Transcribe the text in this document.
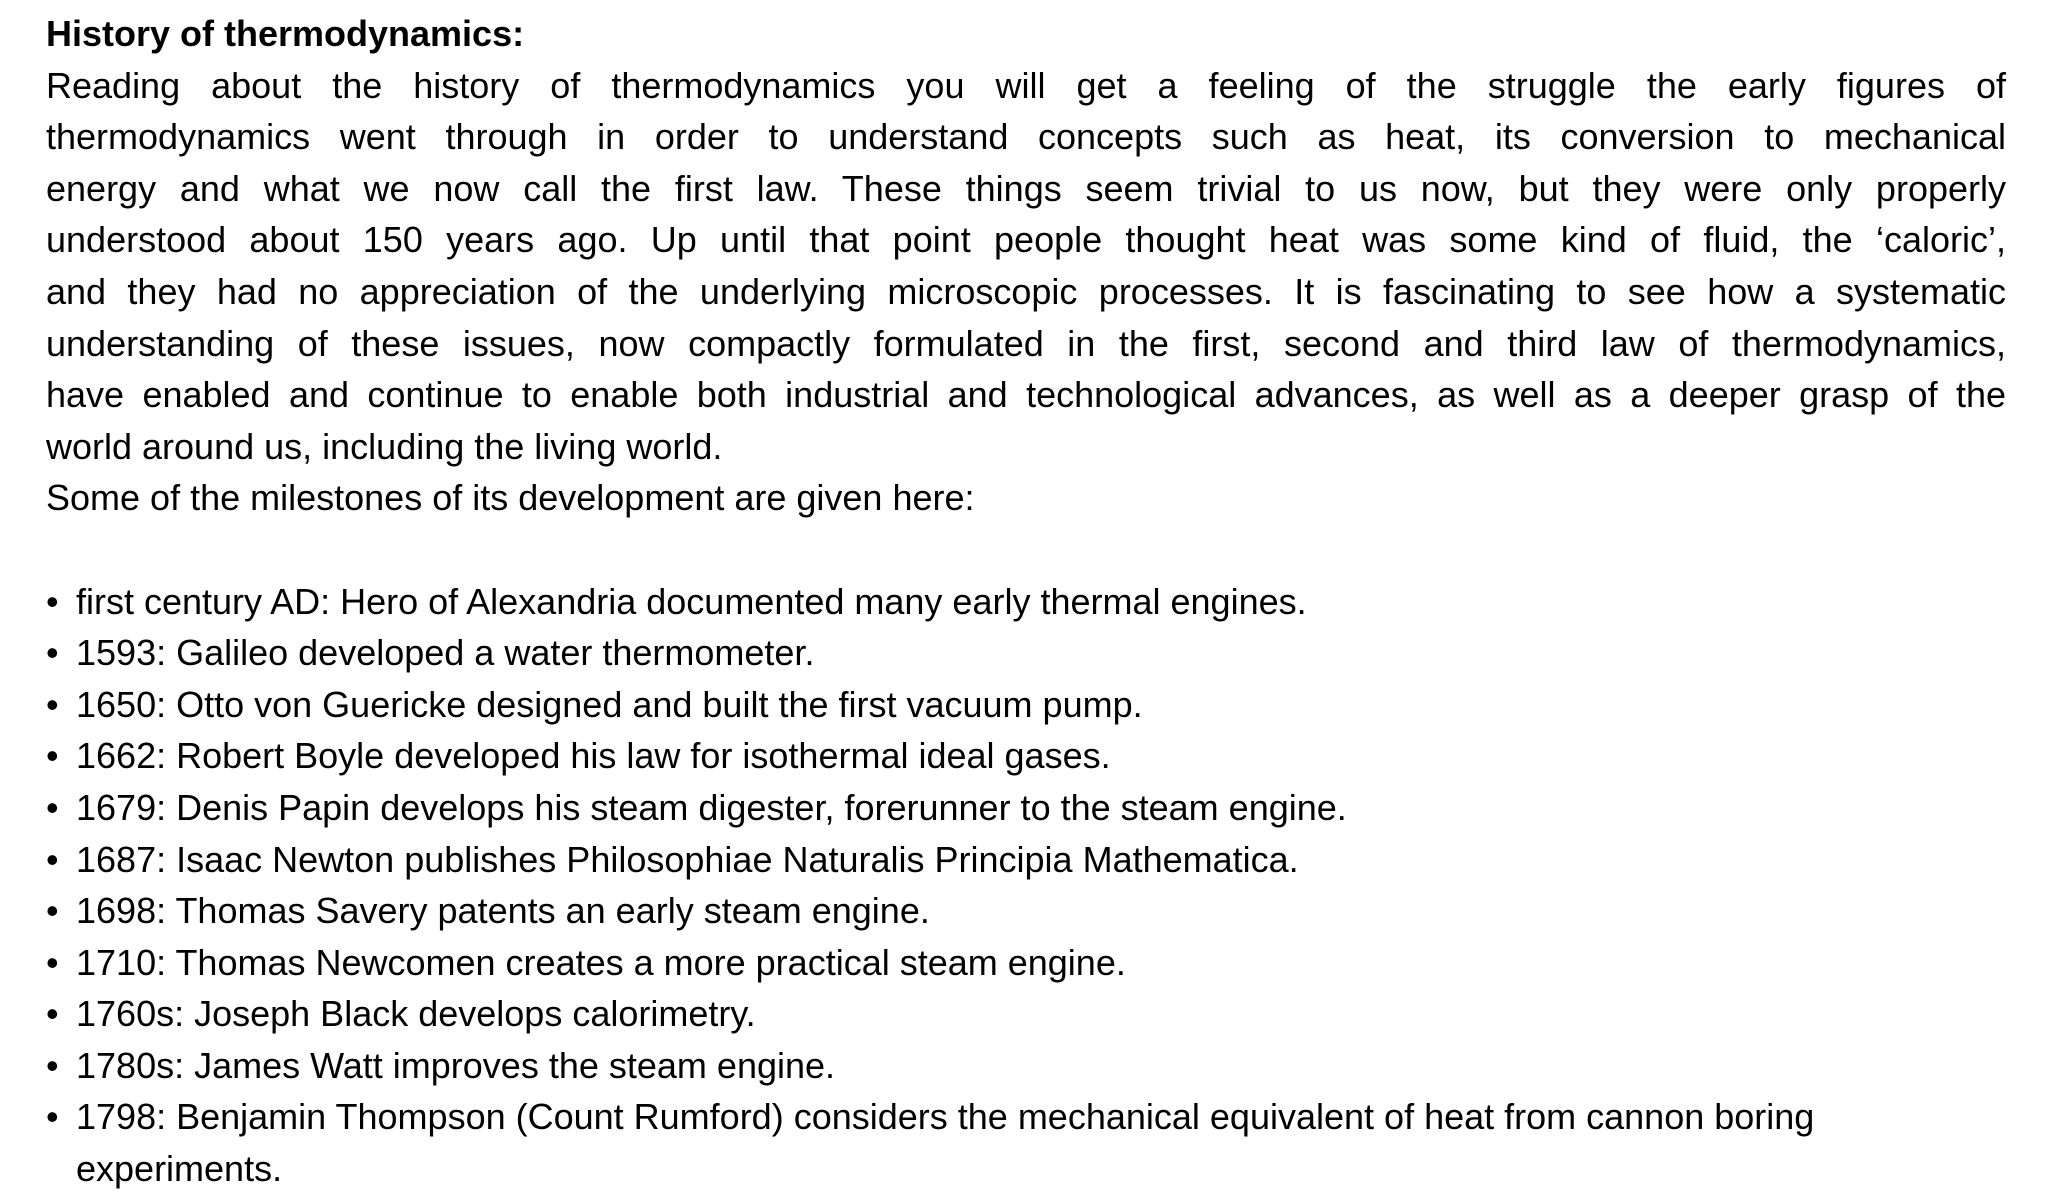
History of thermodynamics:
Reading about the history of thermodynamics you will get a feeling of the struggle the early figures of
thermodynamics went through in order to understand concepts such as heat, its conversion to mechanical
energy and what we now call the first law. These things seem trivial to us now, but they were only properly
understood about 150 years ago. Up until that point people thought heat was some kind of fluid, the ‘caloric’,
and they had no appreciation of the underlying microscopic processes. It is fascinating to see how a systematic
understanding of these issues, now compactly formulated in the first, second and third law of thermodynamics,
have enabled and continue to enable both industrial and technological advances, as well as a deeper grasp of the
world around us, including the living world.
Some of the milestones of its development are given here:
• first century AD: Hero of Alexandria documented many early thermal engines.
• 1593: Galileo developed a water thermometer.
• 1650: Otto von Guericke designed and built the first vacuum pump.
• 1662: Robert Boyle developed his law for isothermal ideal gases.
• 1679: Denis Papin develops his steam digester, forerunner to the steam engine.
• 1687: Isaac Newton publishes Philosophiae Naturalis Principia Mathematica.
• 1698: Thomas Savery patents an early steam engine.
• 1710: Thomas Newcomen creates a more practical steam engine.
• 1760s: Joseph Black develops calorimetry.
• 1780s: James Watt improves the steam engine.
• 1798: Benjamin Thompson (Count Rumford) considers the mechanical equivalent of heat from cannon boring
experiments.
